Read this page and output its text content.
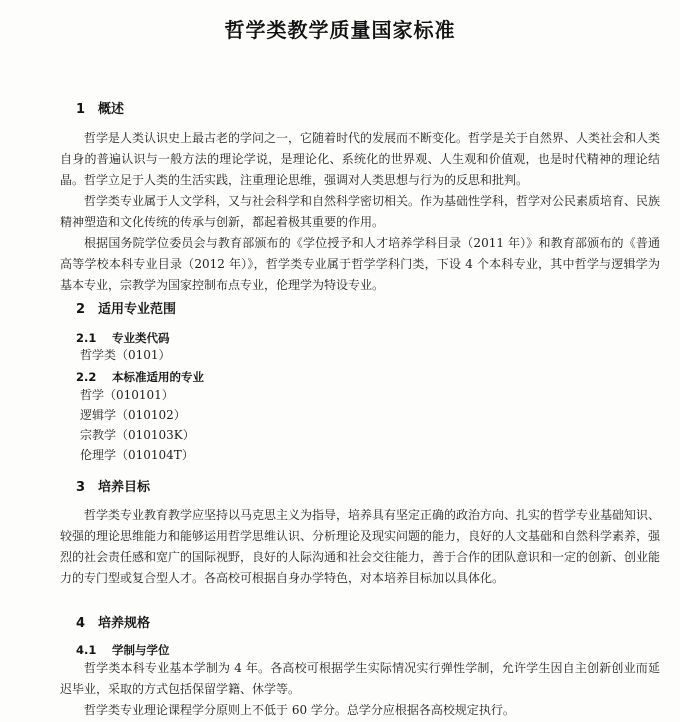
哲学类教学质量国家标准
1 概述
哲学是人类认识史上最古老的学问之一，它随着时代的发展而不断变化。哲学是关于自然界、人类社会和人类自身的普遍认识与一般方法的理论学说，是理论化、系统化的世界观、人生观和价值观，也是时代精神的理论结晶。哲学立足于人类的生活实践，注重理论思维，强调对人类思想与行为的反思和批判。
哲学类专业属于人文学科，又与社会科学和自然科学密切相关。作为基础性学科，哲学对公民素质培育、民族精神塑造和文化传统的传承与创新，都起着极其重要的作用。
根据国务院学位委员会与教育部颁布的《学位授予和人才培养学科目录（2011 年）》和教育部颁布的《普通高等学校本科专业目录（2012 年）》，哲学类专业属于哲学学科门类，下设 4 个本科专业，其中哲学与逻辑学为基本专业，宗教学为国家控制布点专业，伦理学为特设专业。
2 适用专业范围
2.1 专业类代码
哲学类（0101）
2.2 本标准适用的专业
哲学（010101）
逻辑学（010102）
宗教学（010103K）
伦理学（010104T）
3 培养目标
哲学类专业教育教学应坚持以马克思主义为指导，培养具有坚定正确的政治方向、扎实的哲学专业基础知识、较强的理论思维能力和能够运用哲学思维认识、分析理论及现实问题的能力，良好的人文基础和自然科学素养，强烈的社会责任感和宽广的国际视野，良好的人际沟通和社会交往能力，善于合作的团队意识和一定的创新、创业能力的专门型或复合型人才。各高校可根据自身办学特色，对本培养目标加以具体化。
4 培养规格
4.1 学制与学位
哲学类本科专业基本学制为 4 年。各高校可根据学生实际情况实行弹性学制，允许学生因自主创新创业而延迟毕业，采取的方式包括保留学籍、休学等。
哲学类专业理论课程学分原则上不低于 60 学分。总学分应根据各高校规定执行。
